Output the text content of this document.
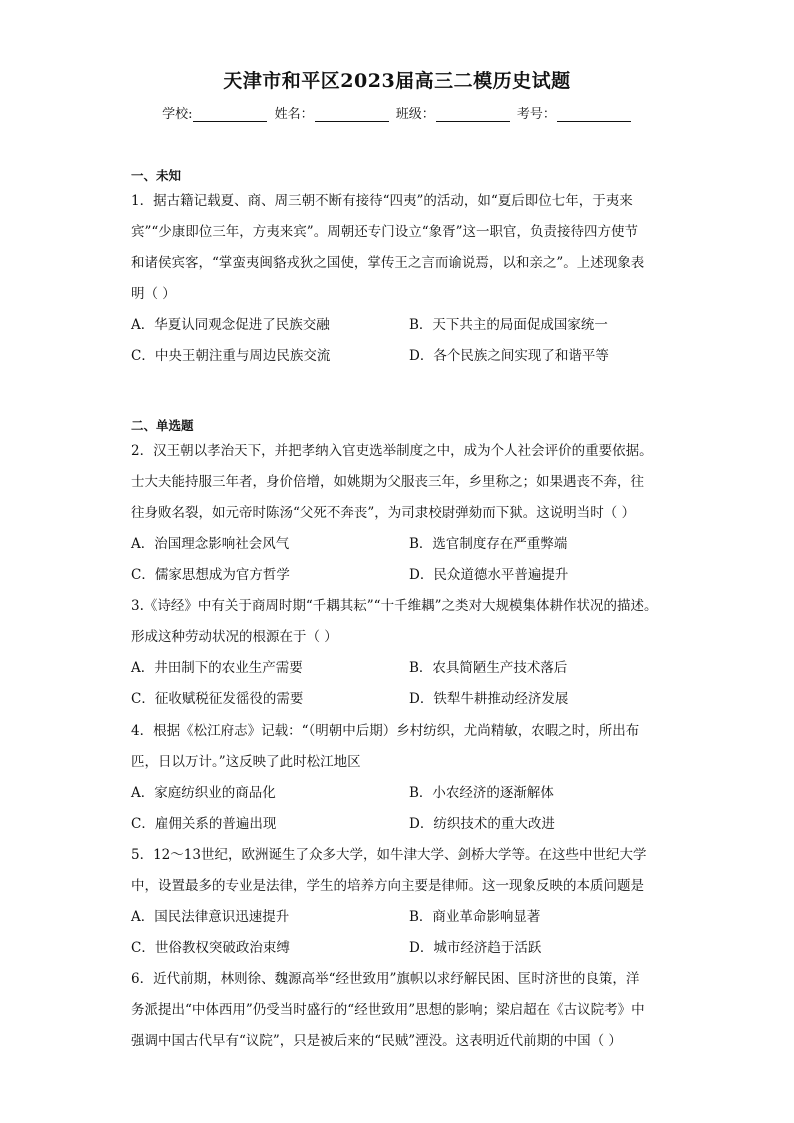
天津市和平区2023届高三二模历史试题
学校:	姓名：	班级：	考号：
一、未知
1．据古籍记载夏、商、周三朝不断有接待“四夷”的活动，如“夏后即位七年，于夷来
宾”“少康即位三年，方夷来宾”。周朝还专门设立“象胥”这一职官，负责接待四方使节
和诸侯宾客，“掌蛮夷闽貉戎狄之国使，掌传王之言而谕说焉，以和亲之”。上述现象表
明（ ）
A．华夏认同观念促进了民族交融	B．天下共主的局面促成国家统一
C．中央王朝注重与周边民族交流	D．各个民族之间实现了和谐平等
二、单选题
2．汉王朝以孝治天下，并把孝纳入官吏选举制度之中，成为个人社会评价的重要依据。
士大夫能持服三年者，身价倍增，如姚期为父服丧三年，乡里称之；如果遇丧不奔，往
往身败名裂，如元帝时陈汤“父死不奔丧”，为司隶校尉弹劾而下狱。这说明当时（ ）
A．治国理念影响社会风气	B．选官制度存在严重弊端
C．儒家思想成为官方哲学	D．民众道德水平普遍提升
3.《诗经》中有关于商周时期“千耦其耘”“十千维耦”之类对大规模集体耕作状况的描述。
形成这种劳动状况的根源在于（ ）
A．井田制下的农业生产需要	B．农具简陋生产技术落后
C．征收赋税征发徭役的需要	D．铁犁牛耕推动经济发展
4．根据《松江府志》记载：“（明朝中后期）乡村纺织，尤尚精敏，农暇之时，所出布
匹，日以万计。”这反映了此时松江地区
A．家庭纺织业的商品化	B．小农经济的逐渐解体
C．雇佣关系的普遍出现	D．纺织技术的重大改进
5．12～13世纪，欧洲诞生了众多大学，如牛津大学、剑桥大学等。在这些中世纪大学
中，设置最多的专业是法律，学生的培养方向主要是律师。这一现象反映的本质问题是
A．国民法律意识迅速提升	B．商业革命影响显著
C．世俗教权突破政治束缚	D．城市经济趋于活跃
6．近代前期，林则徐、魏源高举“经世致用”旗帜以求纾解民困、匡时济世的良策，洋
务派提出“中体西用”仍受当时盛行的“经世致用”思想的影响；梁启超在《古议院考》中
强调中国古代早有“议院”，只是被后来的“民贼”湮没。这表明近代前期的中国（ ）
